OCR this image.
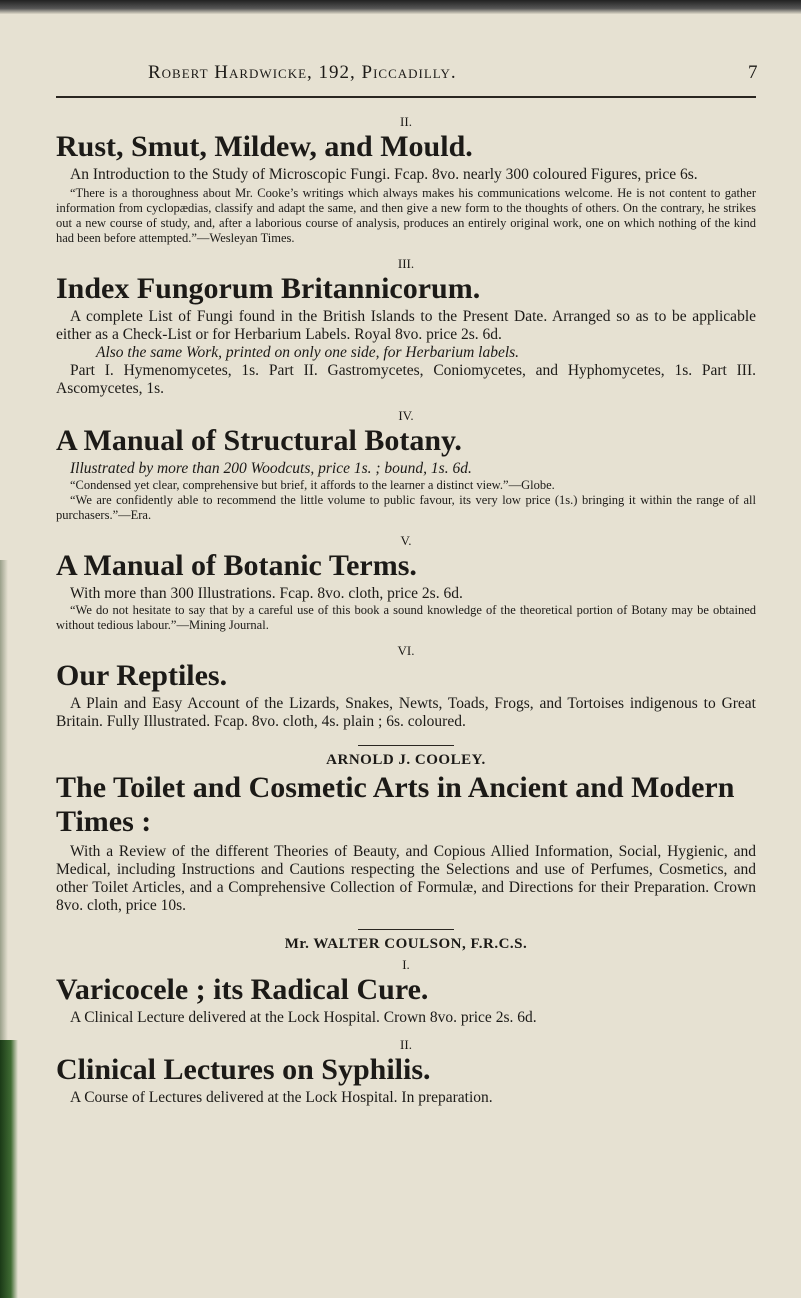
Robert Hardwicke, 192, Piccadilly.	7
II.
Rust, Smut, Mildew, and Mould.

An Introduction to the Study of Microscopic Fungi. Fcap. 8vo. nearly 300 coloured Figures, price 6s.

“There is a thoroughness about Mr. Cooke’s writings which always makes his communications welcome. He is not content to gather information from cyclopædias, classify and adapt the same, and then give a new form to the thoughts of others. On the contrary, he strikes out a new course of study, and, after a laborious course of analysis, produces an entirely original work, one on which nothing of the kind had been before attempted.”—Wesleyan Times.

III.
Index Fungorum Britannicorum.

A complete List of Fungi found in the British Islands to the Present Date. Arranged so as to be applicable either as a Check-List or for Herbarium Labels. Royal 8vo. price 2s. 6d.

Also the same Work, printed on only one side, for Herbarium labels.

Part I. Hymenomycetes, 1s. Part II. Gastromycetes, Coniomycetes, and Hyphomycetes, 1s. Part III. Ascomycetes, 1s.

IV.
A Manual of Structural Botany.

Illustrated by more than 200 Woodcuts, price 1s. ; bound, 1s. 6d.

“Condensed yet clear, comprehensive but brief, it affords to the learner a distinct view.”—Globe.

“We are confidently able to recommend the little volume to public favour, its very low price (1s.) bringing it within the range of all purchasers.”—Era.

V.
A Manual of Botanic Terms.

With more than 300 Illustrations. Fcap. 8vo. cloth, price 2s. 6d.

“We do not hesitate to say that by a careful use of this book a sound knowledge of the theoretical portion of Botany may be obtained without tedious labour.”—Mining Journal.

VI.
Our Reptiles.

A Plain and Easy Account of the Lizards, Snakes, Newts, Toads, Frogs, and Tortoises indigenous to Great Britain. Fully Illustrated. Fcap. 8vo. cloth, 4s. plain ; 6s. coloured.

ARNOLD J. COOLEY.
The Toilet and Cosmetic Arts in Ancient and Modern Times :

With a Review of the different Theories of Beauty, and Copious Allied Information, Social, Hygienic, and Medical, including Instructions and Cautions respecting the Selections and use of Perfumes, Cosmetics, and other Toilet Articles, and a Comprehensive Collection of Formulæ, and Directions for their Preparation. Crown 8vo. cloth, price 10s.

Mr. WALTER COULSON, F.R.C.S.
I.
Varicocele ; its Radical Cure.

A Clinical Lecture delivered at the Lock Hospital. Crown 8vo. price 2s. 6d.

II.
Clinical Lectures on Syphilis.

A Course of Lectures delivered at the Lock Hospital. In preparation.
